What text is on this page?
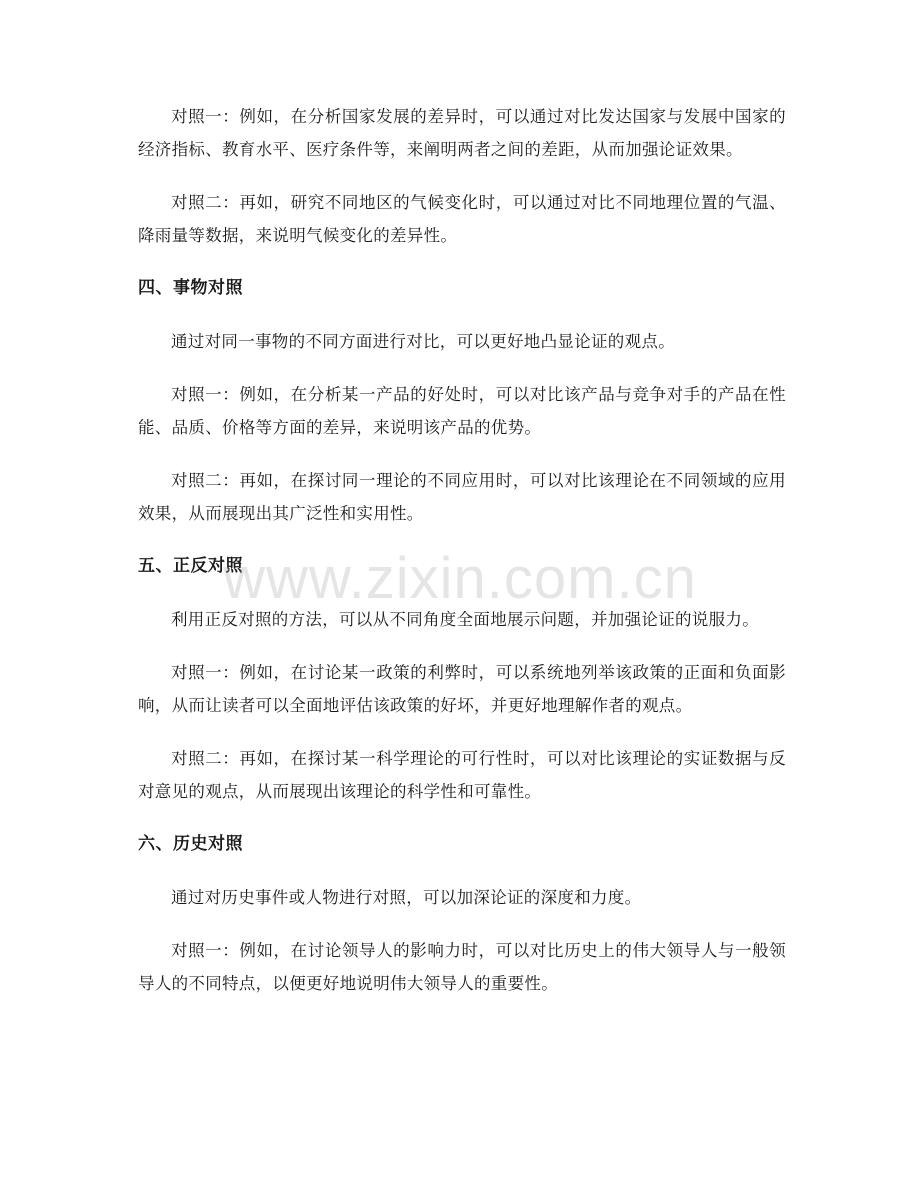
对照一：例如，在分析国家发展的差异时，可以通过对比发达国家与发展中国家的经济指标、教育水平、医疗条件等，来阐明两者之间的差距，从而加强论证效果。

对照二：再如，研究不同地区的气候变化时，可以通过对比不同地理位置的气温、降雨量等数据，来说明气候变化的差异性。

四、事物对照

通过对同一事物的不同方面进行对比，可以更好地凸显论证的观点。

对照一：例如，在分析某一产品的好处时，可以对比该产品与竞争对手的产品在性能、品质、价格等方面的差异，来说明该产品的优势。

对照二：再如，在探讨同一理论的不同应用时，可以对比该理论在不同领域的应用效果，从而展现出其广泛性和实用性。

五、正反对照

利用正反对照的方法，可以从不同角度全面地展示问题，并加强论证的说服力。

对照一：例如，在讨论某一政策的利弊时，可以系统地列举该政策的正面和负面影响，从而让读者可以全面地评估该政策的好坏，并更好地理解作者的观点。

对照二：再如，在探讨某一科学理论的可行性时，可以对比该理论的实证数据与反对意见的观点，从而展现出该理论的科学性和可靠性。

六、历史对照

通过对历史事件或人物进行对照，可以加深论证的深度和力度。

对照一：例如，在讨论领导人的影响力时，可以对比历史上的伟大领导人与一般领导人的不同特点，以便更好地说明伟大领导人的重要性。

www.zixin.com.cn
